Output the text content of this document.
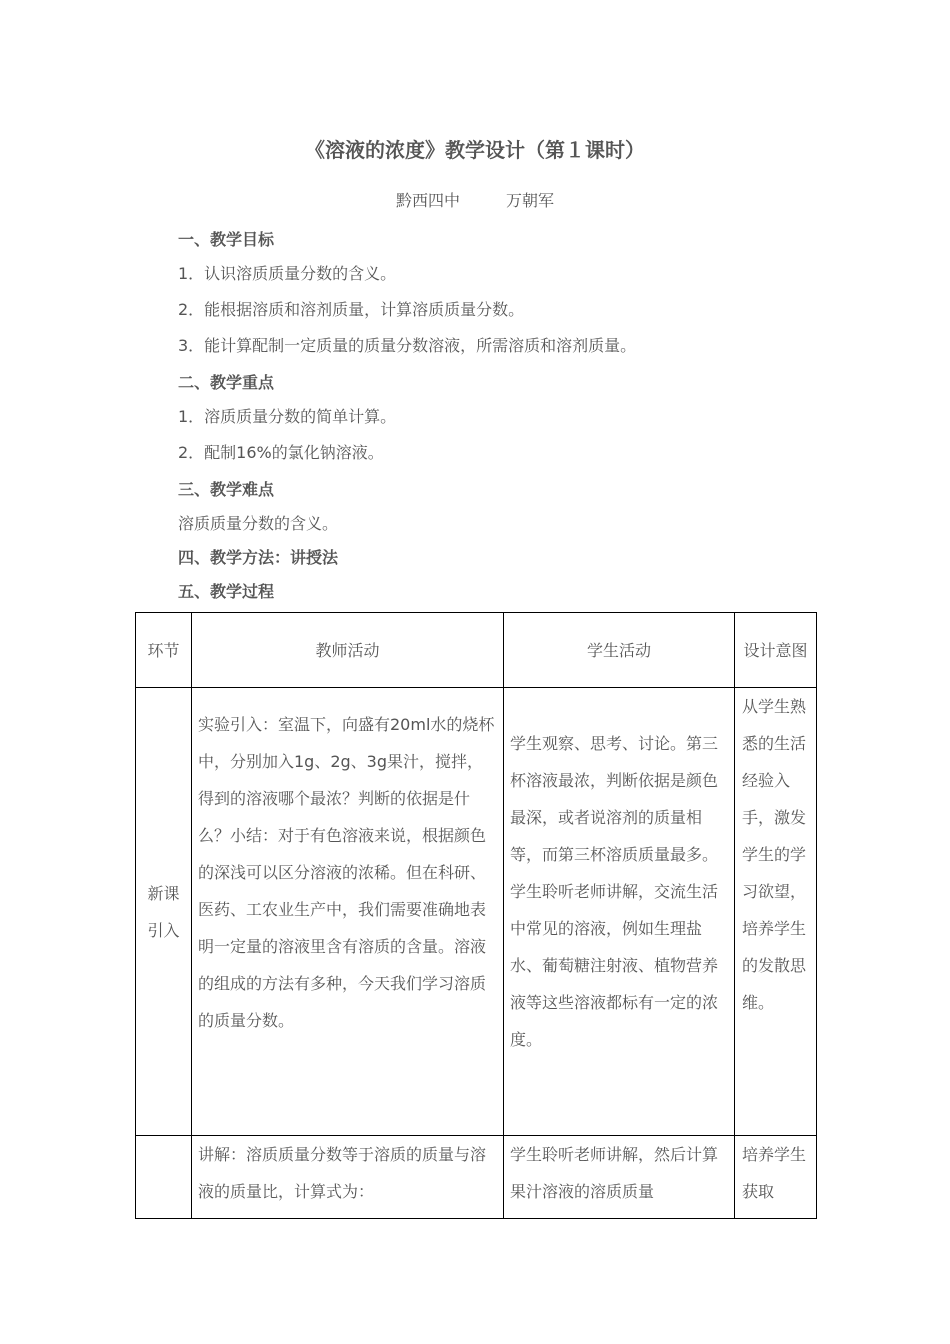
《溶液的浓度》教学设计（第１课时）
黔西四中	万朝军
一、教学目标
1．认识溶质质量分数的含义。
2．能根据溶质和溶剂质量，计算溶质质量分数。
3．能计算配制一定质量的质量分数溶液，所需溶质和溶剂质量。
二、教学重点
1．溶质质量分数的简单计算。
2．配制16%的氯化钠溶液。
三、教学难点
溶质质量分数的含义。
四、教学方法：讲授法
五、教学过程
环节	教师活动	学生活动	设计意图
新课引入	实验引入：室温下，向盛有20ml水的烧杯中，分别加入1g、2g、3g果汁，搅拌，得到的溶液哪个最浓？判断的依据是什么？小结：对于有色溶液来说，根据颜色的深浅可以区分溶液的浓稀。但在科研、医药、工农业生产中，我们需要准确地表明一定量的溶液里含有溶质的含量。溶液的组成的方法有多种，今天我们学习溶质的质量分数。	学生观察、思考、讨论。第三杯溶液最浓，判断依据是颜色最深，或者说溶剂的质量相等，而第三杯溶质质量最多。学生聆听老师讲解，交流生活中常见的溶液，例如生理盐水、葡萄糖注射液、植物营养液等这些溶液都标有一定的浓度。	从学生熟悉的生活经验入手，激发学生的学习欲望，培养学生的发散思维。
	讲解：溶质质量分数等于溶质的质量与溶液的质量比，计算式为：	学生聆听老师讲解，然后计算果汁溶液的溶质质量	培养学生获取
